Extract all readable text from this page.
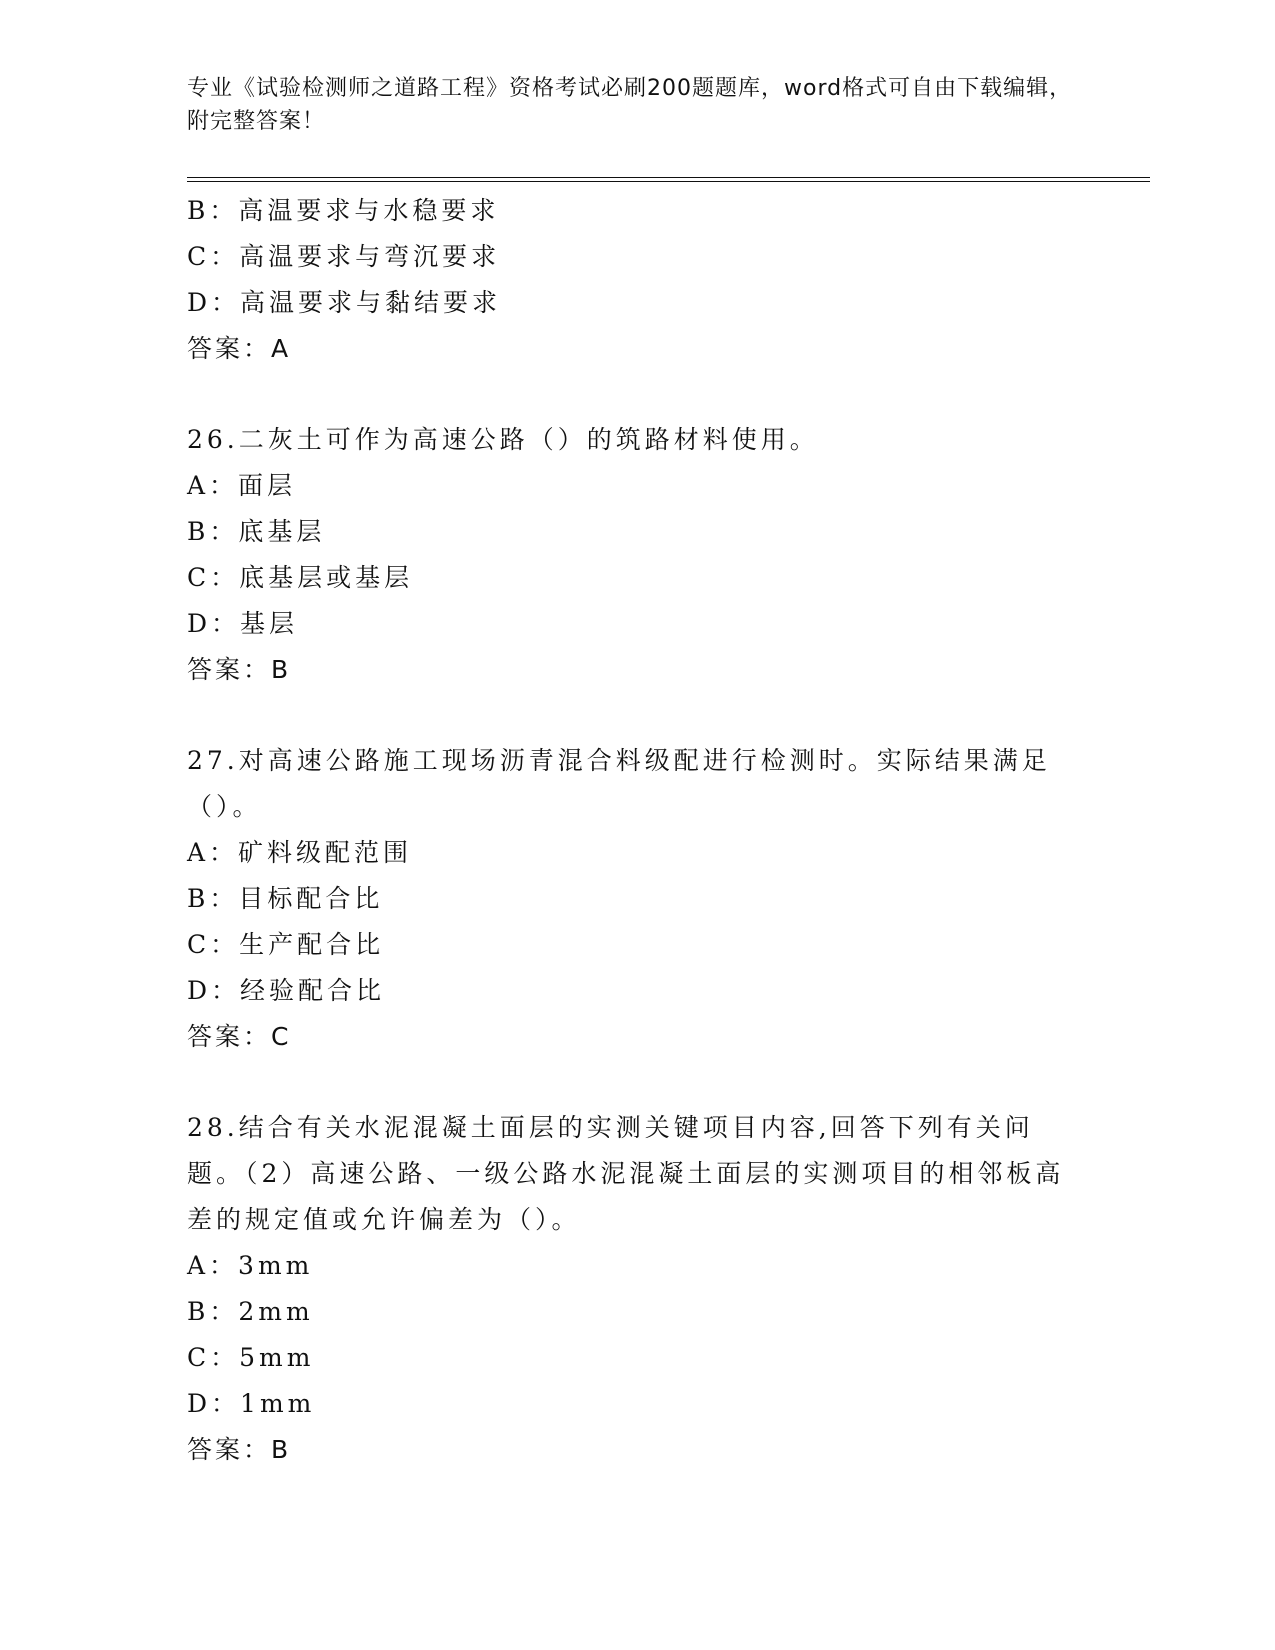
专业《试验检测师之道路工程》资格考试必刷200题题库，word格式可自由下载编辑，附完整答案！
B：高温要求与水稳要求
C：高温要求与弯沉要求
D：高温要求与黏结要求
答案：A
26.二灰土可作为高速公路（）的筑路材料使用。
A：面层
B：底基层
C：底基层或基层
D：基层
答案：B
27.对高速公路施工现场沥青混合料级配进行检测时。实际结果满足（）。
A：矿料级配范围
B：目标配合比
C：生产配合比
D：经验配合比
答案：C
28.结合有关水泥混凝土面层的实测关键项目内容,回答下列有关问题。（2）高速公路、一级公路水泥混凝土面层的实测项目的相邻板高差的规定值或允许偏差为（）。
A：3mm
B：2mm
C：5mm
D：1mm
答案：B
